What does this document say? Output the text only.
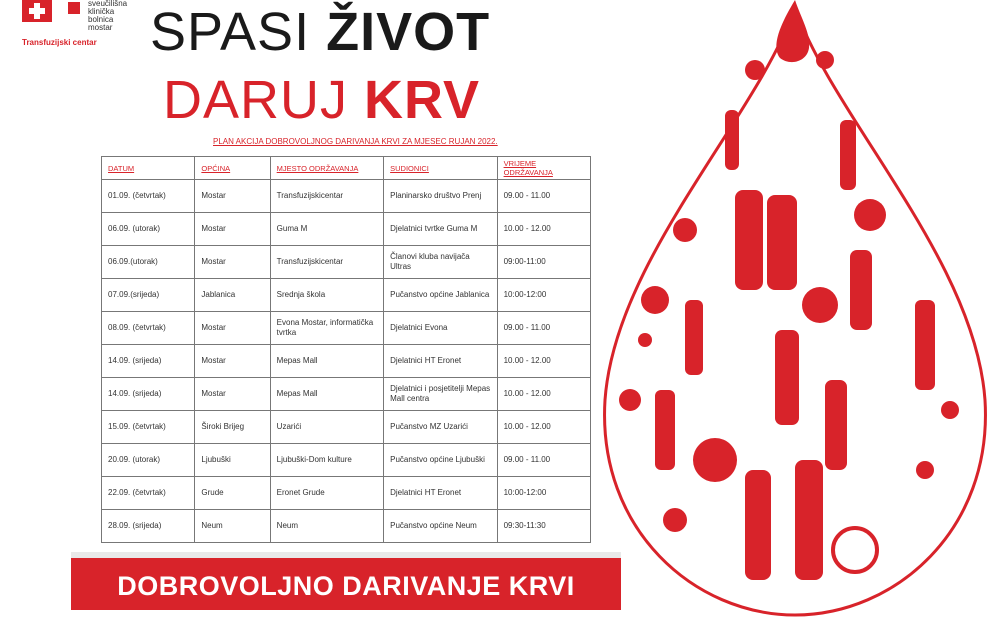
sveučilišna
klinička
bolnica
mostar
Transfuzijski centar SPASI ŽIVOT
DARUJ KRV
PLAN AKCIJA DOBROVOLJNOG DARIVANJA KRVI ZA MJESEC RUJAN 2022.
DATUM	OPĆINA	MJESTO ODRŽAVANJA	SUDIONICI	VRIJEME ODRŽAVANJA
01.09. (četvrtak)	Mostar	Transfuzijskicentar	Planinarsko društvo Prenj	09.00 - 11.00
06.09. (utorak)	Mostar	Guma M	Djelatnici tvrtke Guma M	10.00 - 12.00
06.09.(utorak)	Mostar	Transfuzijskicentar	Članovi kluba navijača Ultras	09:00-11:00
07.09.(srijeda)	Jablanica	Srednja škola	Pučanstvo općine Jablanica	10:00-12:00
08.09. (četvrtak)	Mostar	Evona Mostar, informatička tvrtka	Djelatnici Evona	09.00 - 11.00
14.09. (srijeda)	Mostar	Mepas Mall	Djelatnici HT Eronet	10.00 - 12.00
14.09. (srijeda)	Mostar	Mepas Mall	Djelatnici i posjetitelji Mepas Mall centra	10.00 - 12.00
15.09. (četvrtak)	Široki Brijeg	Uzarići	Pučanstvo MZ Uzarići	10.00 - 12.00
20.09. (utorak)	Ljubuški	Ljubuški-Dom kulture	Pučanstvo općine Ljubuški	09.00 - 11.00
22.09. (četvrtak)	Grude	Eronet Grude	Djelatnici HT Eronet	10:00-12:00
28.09. (srijeda)	Neum	Neum	Pučanstvo općine Neum	09:30-11:30
DOBROVOLJNO DARIVANJE KRVI
